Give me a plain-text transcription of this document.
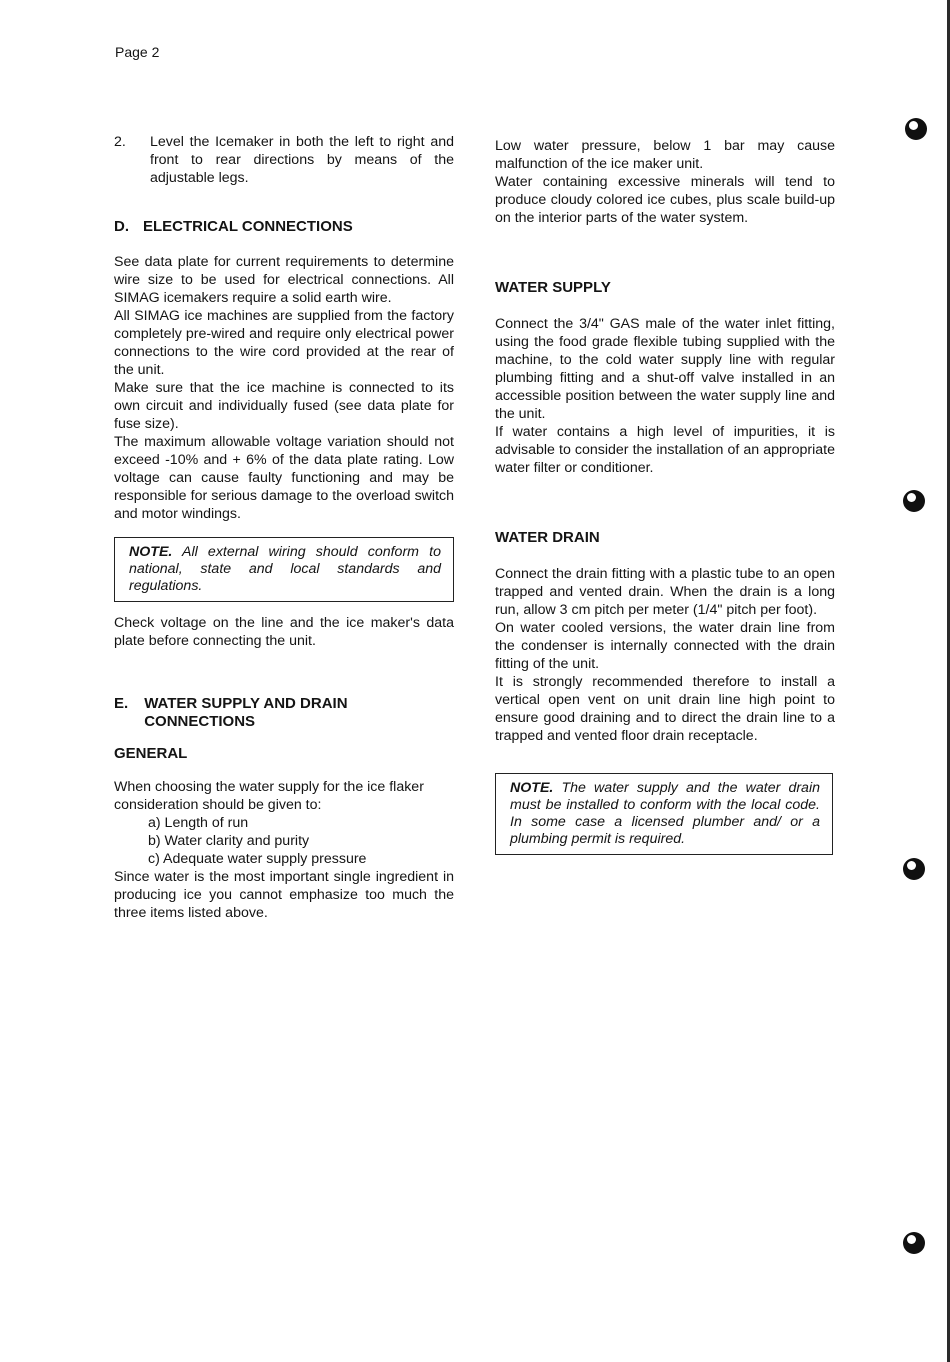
Page 2

2.	Level the Icemaker in both the left to right and front to rear directions by means of the adjustable legs.

D. ELECTRICAL CONNECTIONS

See data plate for current requirements to determine wire size to be used for electrical connections. All SIMAG icemakers require a solid earth wire.

All SIMAG ice machines are supplied from the factory completely pre-wired and require only electrical power connections to the wire cord provided at the rear of the unit.

Make sure that the ice machine is connected to its own circuit and individually fused (see data plate for fuse size).

The maximum allowable voltage variation should not exceed -10% and + 6% of the data plate rating. Low voltage can cause faulty functioning and may be responsible for serious damage to the overload switch and motor windings.

NOTE. All external wiring should conform to national, state and local standards and regulations.

Check voltage on the line and the ice maker's data plate before connecting the unit.

E. WATER SUPPLY AND DRAIN
CONNECTIONS
GENERAL

When choosing the water supply for the ice flaker consideration should be given to:

a) Length of run
b) Water clarity and purity
c) Adequate water supply pressure

Since water is the most important single ingredient in producing ice you cannot emphasize too much the three items listed above.

Low water pressure, below 1 bar may cause malfunction of the ice maker unit.

Water containing excessive minerals will tend to produce cloudy colored ice cubes, plus scale build-up on the interior parts of the water system.

WATER SUPPLY

Connect the 3/4" GAS male of the water inlet fitting, using the food grade flexible tubing supplied with the machine, to the cold water supply line with regular plumbing fitting and a shut-off valve installed in an accessible position between the water supply line and the unit.

If water contains a high level of impurities, it is advisable to consider the installation of an appropriate water filter or conditioner.

WATER DRAIN

Connect the drain fitting with a plastic tube to an open trapped and vented drain. When the drain is a long run, allow 3 cm pitch per meter (1/4" pitch per foot).

On water cooled versions, the water drain line from the condenser is internally connected with the drain fitting of the unit.

It is strongly recommended therefore to install a vertical open vent on unit drain line high point to ensure good draining and to direct the drain line to a trapped and vented floor drain receptacle.

NOTE. The water supply and the water drain must be installed to conform with the local code. In some case a licensed plumber and/ or a plumbing permit is required.
